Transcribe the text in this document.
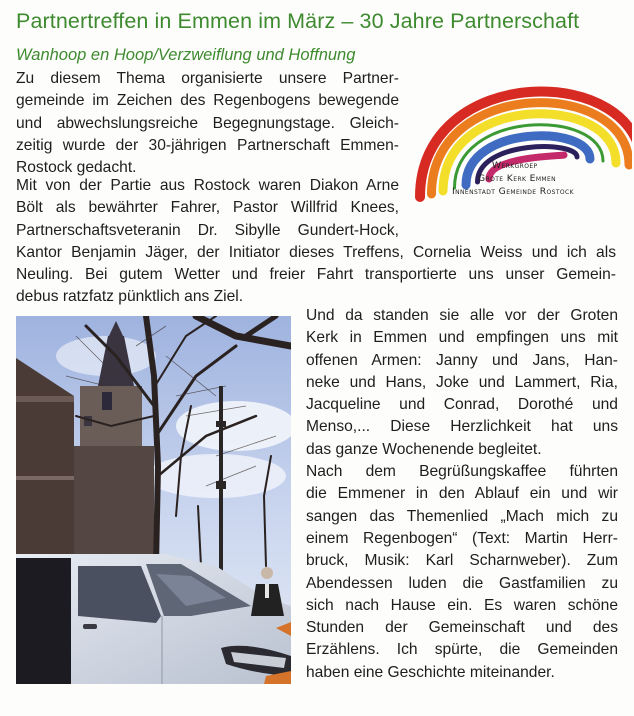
Partnertreffen in Emmen im März – 30 Jahre Partnerschaft
Wanhoop en Hoop/Verzweiflung und Hoffnung
Zu diesem Thema organisierte unsere Partner-
gemeinde im Zeichen des Regenbogens bewegende
und abwechslungsreiche Begegnungstage. Gleich-
zeitig wurde der 30-jährigen Partnerschaft Emmen-
Rostock gedacht.
Mit von der Partie aus Rostock waren Diakon Arne
Bölt als bewährter Fahrer, Pastor Willfrid Knees,
Partnerschaftsveteranin Dr. Sibylle Gundert-Hock,
Kantor Benjamin Jäger, der Initiator dieses Treffens, Cornelia Weiss und ich als
Neuling. Bei gutem Wetter und freier Fahrt transportierte uns unser Gemein-
debus ratzfatz pünktlich ans Ziel.
Werkgroep
Grote Kerk Emmen
Innenstadt Gemeinde Rostock
Und da standen sie alle vor der Groten
Kerk in Emmen und empfingen uns mit
offenen Armen: Janny und Jans, Han-
neke und Hans, Joke und Lammert, Ria,
Jacqueline und Conrad, Dorothé und
Menso,... Diese Herzlichkeit hat uns
das ganze Wochenende begleitet.
Nach dem Begrüßungskaffee führten
die Emmener in den Ablauf ein und wir
sangen das Themenlied „Mach mich zu
einem Regenbogen“ (Text: Martin Herr-
bruck, Musik: Karl Scharnweber). Zum
Abendessen luden die Gastfamilien zu
sich nach Hause ein. Es waren schöne
Stunden der Gemeinschaft und des
Erzählens. Ich spürte, die Gemeinden
haben eine Geschichte miteinander.
